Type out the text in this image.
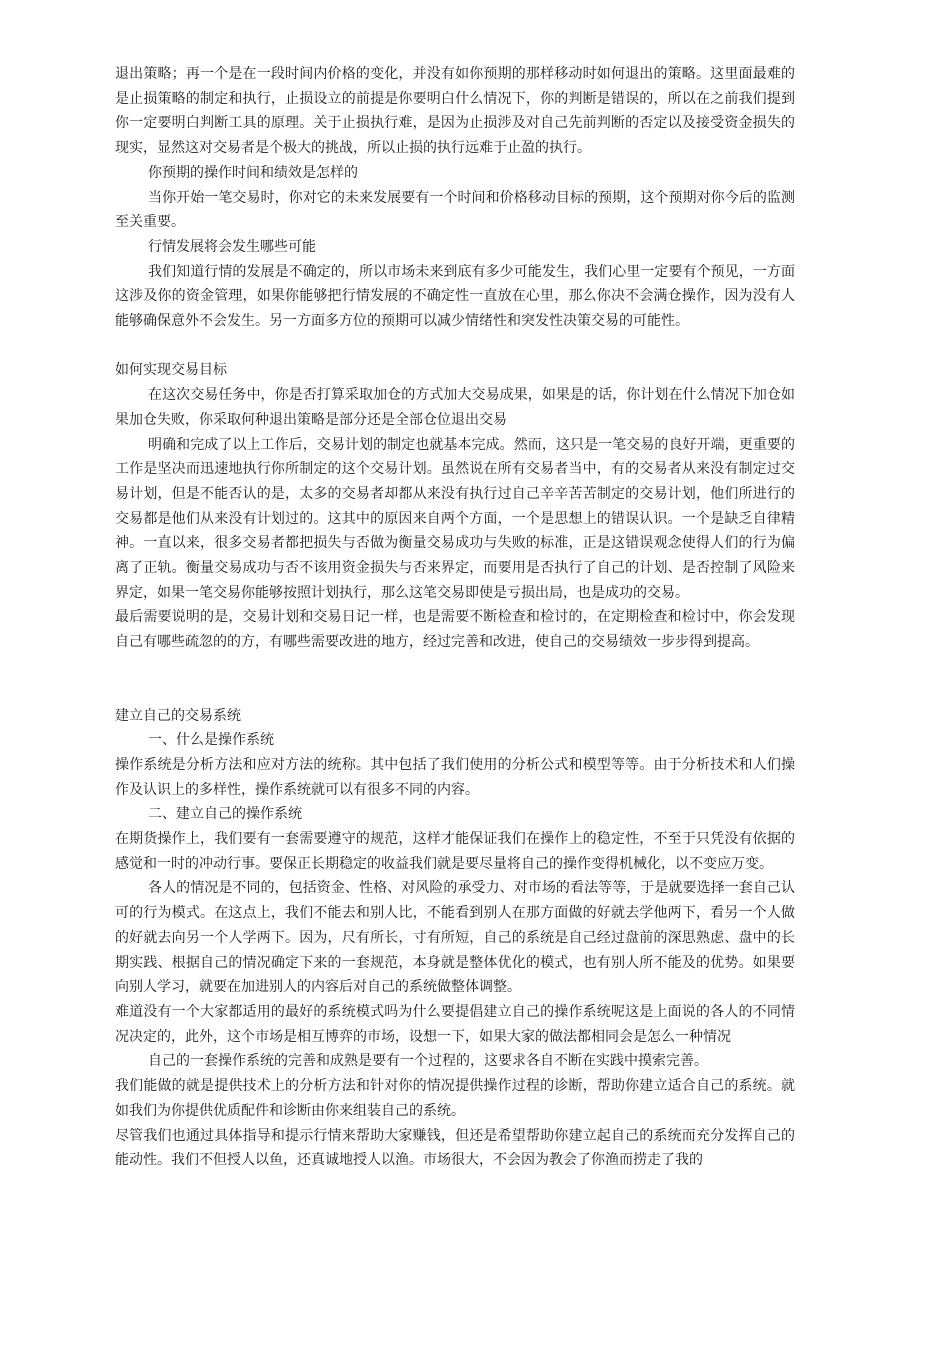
退出策略；再一个是在一段时间内价格的变化，并没有如你预期的那样移动时如何退出的策略。这里面最难的是止损策略的制定和执行，止损设立的前提是你要明白什么情况下，你的判断是错误的，所以在之前我们提到你一定要明白判断工具的原理。关于止损执行难，是因为止损涉及对自己先前判断的否定以及接受资金损失的现实，显然这对交易者是个极大的挑战，所以止损的执行远难于止盈的执行。

你预期的操作时间和绩效是怎样的

当你开始一笔交易时，你对它的未来发展要有一个时间和价格移动目标的预期，这个预期对你今后的监测至关重要。

行情发展将会发生哪些可能

我们知道行情的发展是不确定的，所以市场未来到底有多少可能发生，我们心里一定要有个预见，一方面这涉及你的资金管理，如果你能够把行情发展的不确定性一直放在心里，那么你决不会满仓操作，因为没有人能够确保意外不会发生。另一方面多方位的预期可以减少情绪性和突发性决策交易的可能性。

如何实现交易目标

在这次交易任务中，你是否打算采取加仓的方式加大交易成果，如果是的话，你计划在什么情况下加仓如果加仓失败，你采取何种退出策略是部分还是全部仓位退出交易

明确和完成了以上工作后，交易计划的制定也就基本完成。然而，这只是一笔交易的良好开端，更重要的工作是坚决而迅速地执行你所制定的这个交易计划。虽然说在所有交易者当中，有的交易者从来没有制定过交易计划，但是不能否认的是，太多的交易者却都从来没有执行过自己辛辛苦苦制定的交易计划，他们所进行的交易都是他们从来没有计划过的。这其中的原因来自两个方面，一个是思想上的错误认识。一个是缺乏自律精神。一直以来，很多交易者都把损失与否做为衡量交易成功与失败的标准，正是这错误观念使得人们的行为偏离了正轨。衡量交易成功与否不该用资金损失与否来界定，而要用是否执行了自己的计划、是否控制了风险来界定，如果一笔交易你能够按照计划执行，那么这笔交易即使是亏损出局，也是成功的交易。

最后需要说明的是，交易计划和交易日记一样，也是需要不断检查和检讨的，在定期检查和检讨中，你会发现自己有哪些疏忽的的方，有哪些需要改进的地方，经过完善和改进，使自己的交易绩效一步步得到提高。

建立自己的交易系统

一、什么是操作系统

操作系统是分析方法和应对方法的统称。其中包括了我们使用的分析公式和模型等等。由于分析技术和人们操作及认识上的多样性，操作系统就可以有很多不同的内容。

二、建立自己的操作系统

在期货操作上，我们要有一套需要遵守的规范，这样才能保证我们在操作上的稳定性，不至于只凭没有依据的感觉和一时的冲动行事。要保正长期稳定的收益我们就是要尽量将自己的操作变得机械化，以不变应万变。

各人的情况是不同的，包括资金、性格、对风险的承受力、对市场的看法等等，于是就要选择一套自己认可的行为模式。在这点上，我们不能去和别人比，不能看到别人在那方面做的好就去学他两下，看另一个人做的好就去向另一个人学两下。因为，尺有所长，寸有所短，自己的系统是自己经过盘前的深思熟虑、盘中的长期实践、根据自己的情况确定下来的一套规范，本身就是整体优化的模式，也有别人所不能及的优势。如果要向别人学习，就要在加进别人的内容后对自己的系统做整体调整。

难道没有一个大家都适用的最好的系统模式吗为什么要提倡建立自己的操作系统呢这是上面说的各人的不同情况决定的，此外，这个市场是相互博弈的市场，设想一下，如果大家的做法都相同会是怎么一种情况

自己的一套操作系统的完善和成熟是要有一个过程的，这要求各自不断在实践中摸索完善。

我们能做的就是提供技术上的分析方法和针对你的情况提供操作过程的诊断，帮助你建立适合自己的系统。就如我们为你提供优质配件和诊断由你来组装自己的系统。

尽管我们也通过具体指导和提示行情来帮助大家赚钱，但还是希望帮助你建立起自己的系统而充分发挥自己的能动性。我们不但授人以鱼，还真诚地授人以渔。市场很大，不会因为教会了你渔而捞走了我的
